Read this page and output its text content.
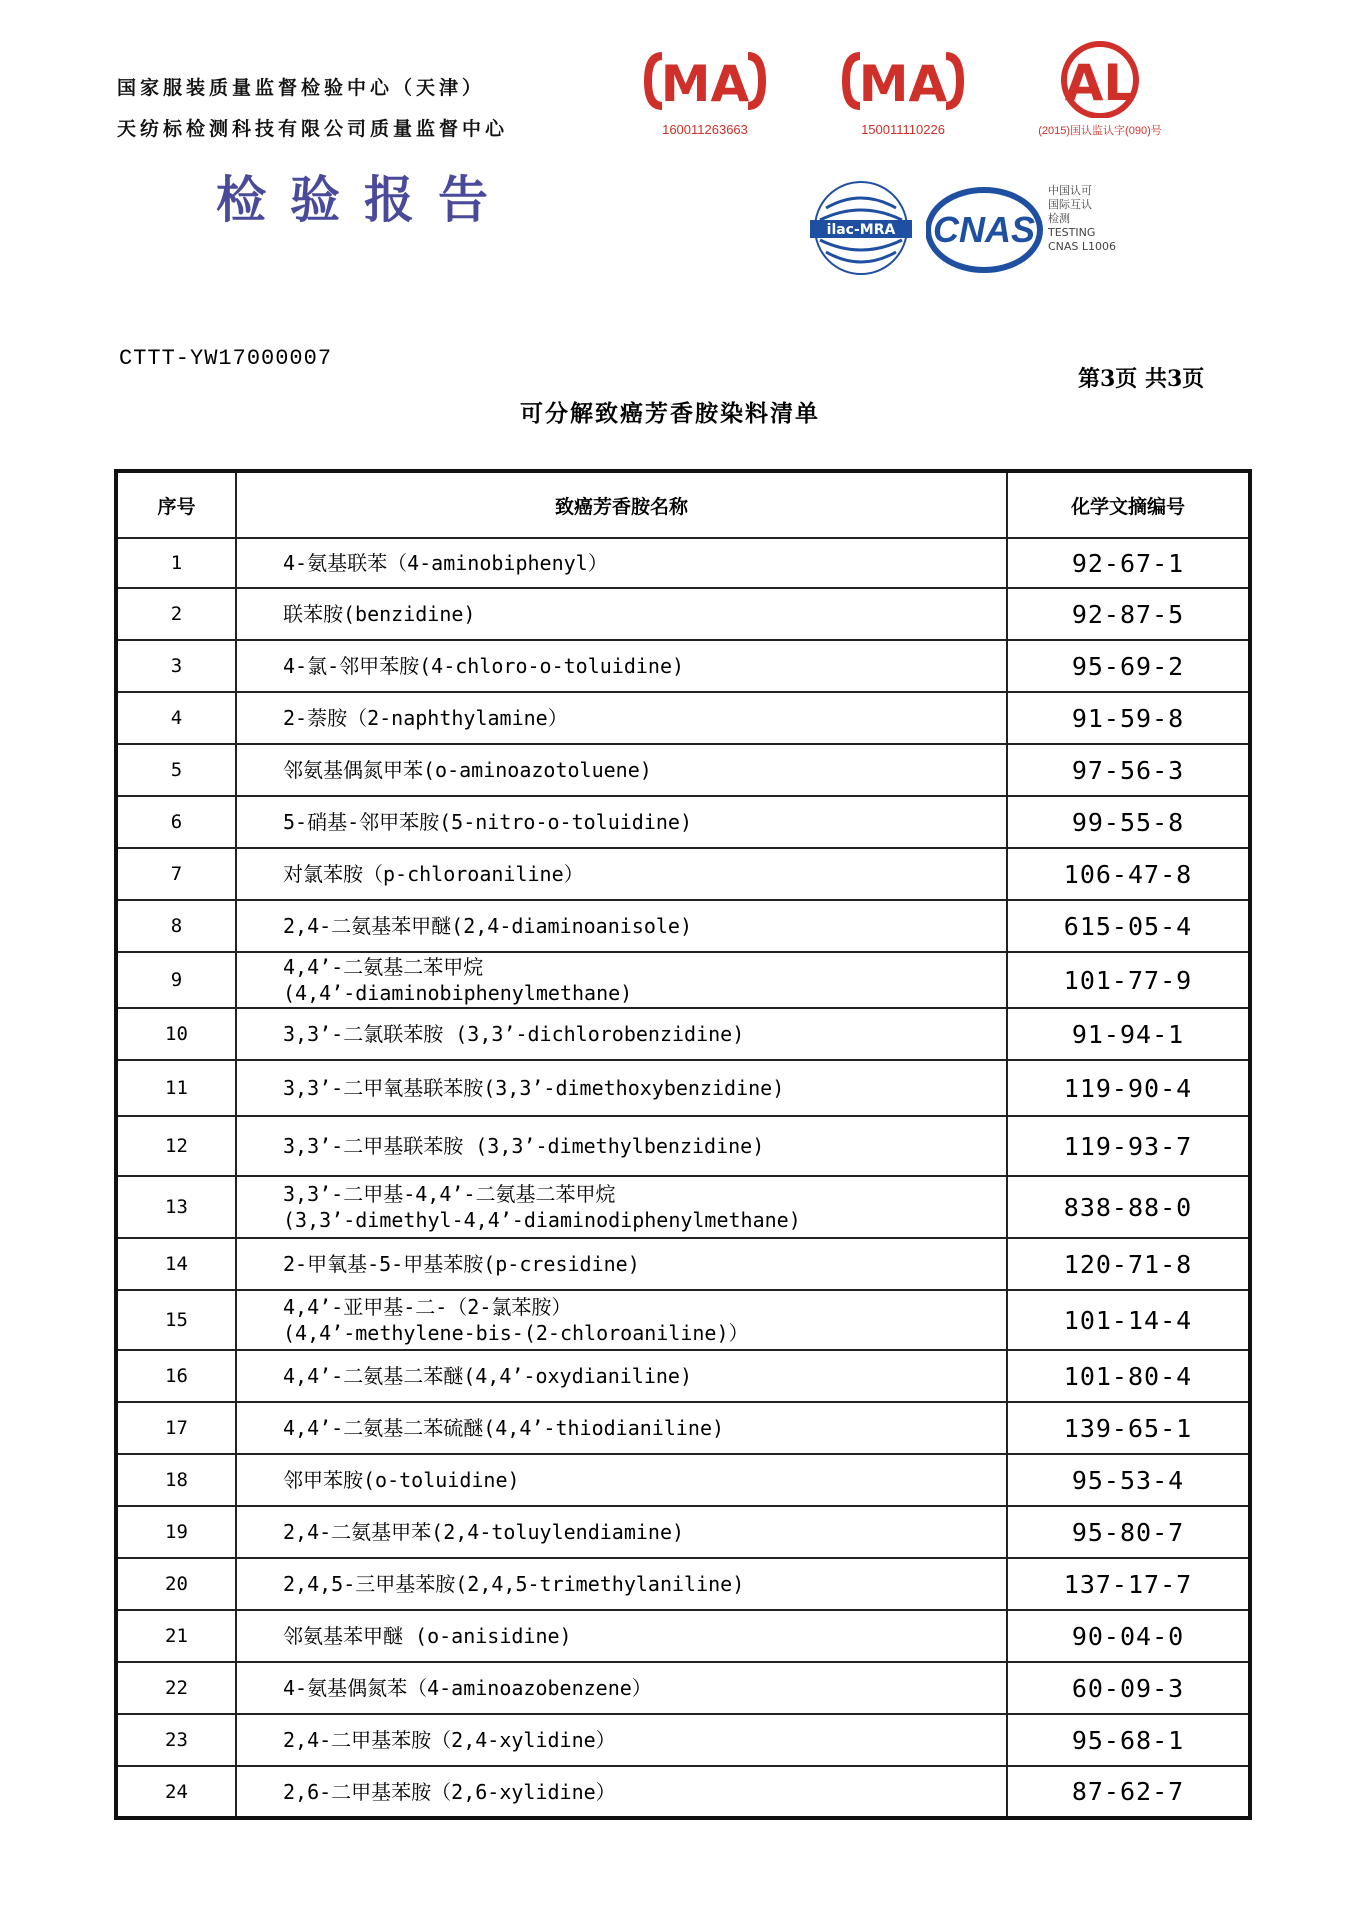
国家服装质量监督检验中心（天津）
天纺标检测科技有限公司质量监督中心
检验报告
MA
160011263663
MA
150011110226
AL
(2015)国认监认字(090)号
ilac-MRA CNAS
中国认可
国际互认
检测
TESTING
CNAS L1006
CTTT-YW17000007
第3页 共3页
可分解致癌芳香胺染料清单
序号	致癌芳香胺名称	化学文摘编号
1	4-氨基联苯（4-aminobiphenyl）	92-67-1
2	联苯胺(benzidine)	92-87-5
3	4-氯-邻甲苯胺(4-chloro-o-toluidine)	95-69-2
4	2-萘胺（2-naphthylamine）	91-59-8
5	邻氨基偶氮甲苯(o-aminoazotoluene)	97-56-3
6	5-硝基-邻甲苯胺(5-nitro-o-toluidine)	99-55-8
7	对氯苯胺（p-chloroaniline）	106-47-8
8	2,4-二氨基苯甲醚(2,4-diaminoanisole)	615-05-4
9	4,4’-二氨基二苯甲烷
(4,4’-diaminobiphenylmethane)	101-77-9
10	3,3’-二氯联苯胺 (3,3’-dichlorobenzidine)	91-94-1
11	3,3’-二甲氧基联苯胺(3,3’-dimethoxybenzidine)	119-90-4
12	3,3’-二甲基联苯胺 (3,3’-dimethylbenzidine)	119-93-7
13	3,3’-二甲基-4,4’-二氨基二苯甲烷
(3,3’-dimethyl-4,4’-diaminodiphenylmethane)	838-88-0
14	2-甲氧基-5-甲基苯胺(p-cresidine)	120-71-8
15	4,4’-亚甲基-二-（2-氯苯胺）
(4,4’-methylene-bis-(2-chloroaniline)）	101-14-4
16	4,4’-二氨基二苯醚(4,4’-oxydianiline)	101-80-4
17	4,4’-二氨基二苯硫醚(4,4’-thiodianiline)	139-65-1
18	邻甲苯胺(o-toluidine)	95-53-4
19	2,4-二氨基甲苯(2,4-toluylendiamine)	95-80-7
20	2,4,5-三甲基苯胺(2,4,5-trimethylaniline)	137-17-7
21	邻氨基苯甲醚 (o-anisidine)	90-04-0
22	4-氨基偶氮苯（4-aminoazobenzene）	60-09-3
23	2,4-二甲基苯胺（2,4-xylidine）	95-68-1
24	2,6-二甲基苯胺（2,6-xylidine）	87-62-7
